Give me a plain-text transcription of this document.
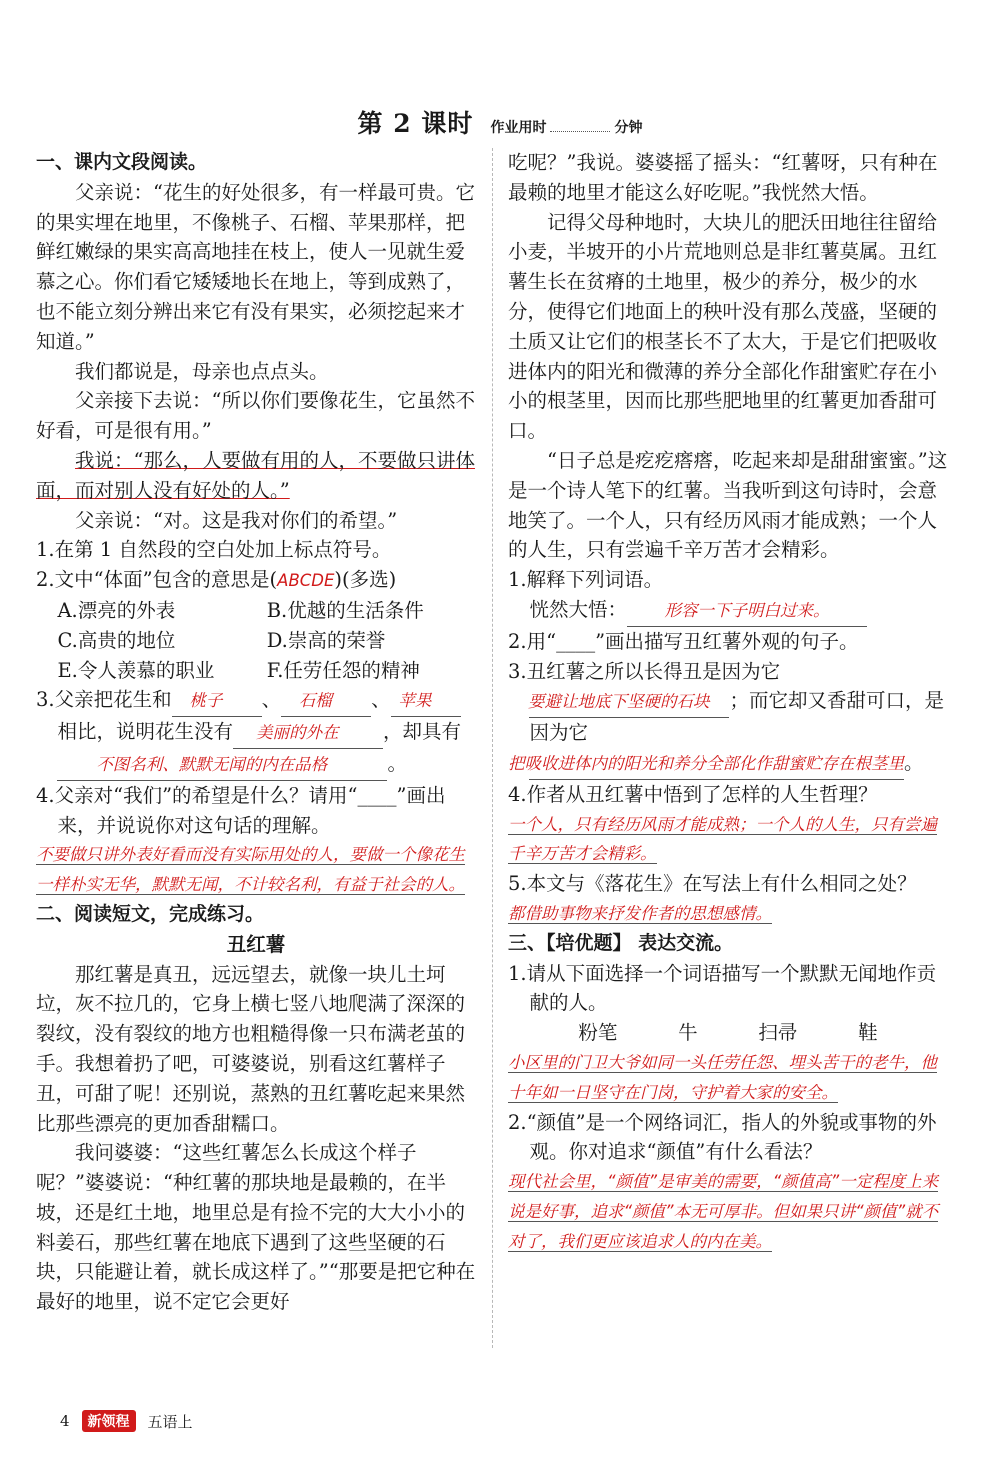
第 2 课时 作业用时	分钟

一、课内文段阅读。

父亲说：“花生的好处很多，有一样最可贵。它的果实埋在地里，不像桃子、石榴、苹果那样，把鲜红嫩绿的果实高高地挂在枝上，使人一见就生爱慕之心。你们看它矮矮地长在地上，等到成熟了，也不能立刻分辨出来它有没有果实，必须挖起来才知道。”

我们都说是，母亲也点点头。

父亲接下去说：“所以你们要像花生，它虽然不好看，可是很有用。”

我说：“那么，人要做有用的人，不要做只讲体面，而对别人没有好处的人。”

父亲说：“对。这是我对你们的希望。”

1.在第 1 自然段的空白处加上标点符号。

2.文中“体面”包含的意思是(ABCDE)(多选)

A.漂亮的外表	B.优越的生活条件
C.高贵的地位	D.崇高的荣誉
E.令人羡慕的职业	F.任劳任怨的精神

3.父亲把花生和 桃子 、 石榴 、 苹果相比，说明花生没有 美丽的外在 ，却具有不图名利、默默无闻的内在品格	。

4.父亲对“我们”的希望是什么？请用“____”画出来，并说说你对这句话的理解。

不要做只讲外表好看而没有实际用处的人，要做一个像花生一样朴实无华，默默无闻，不计较名利，有益于社会的人。

二、阅读短文，完成练习。

丑红薯

那红薯是真丑，远远望去，就像一块儿土坷垃，灰不拉几的，它身上横七竖八地爬满了深深的裂纹，没有裂纹的地方也粗糙得像一只布满老茧的手。我想着扔了吧，可婆婆说，别看这红薯样子丑，可甜了呢！还别说，蒸熟的丑红薯吃起来果然比那些漂亮的更加香甜糯口。

我问婆婆：“这些红薯怎么长成这个样子呢？”婆婆说：“种红薯的那块地是最赖的，在半坡，还是红土地，地里总是有捡不完的大大小小的料姜石，那些红薯在地底下遇到了这些坚硬的石块，只能避让着，就长成这样了。”“那要是把它种在最好的地里，说不定它会更好

吃呢？”我说。婆婆摇了摇头：“红薯呀，只有种在最赖的地里才能这么好吃呢。”我恍然大悟。

记得父母种地时，大块儿的肥沃田地往往留给小麦，半坡开的小片荒地则总是非红薯莫属。丑红薯生长在贫瘠的土地里，极少的养分，极少的水分，使得它们地面上的秧叶没有那么茂盛，坚硬的土质又让它们的根茎长不了太大，于是它们把吸收进体内的阳光和微薄的养分全部化作甜蜜贮存在小小的根茎里，因而比那些肥地里的红薯更加香甜可口。

“日子总是疙疙瘩瘩，吃起来却是甜甜蜜蜜。”这是一个诗人笔下的红薯。当我听到这句诗时，会意地笑了。一个人，只有经历风雨才能成熟；一个人的人生，只有尝遍千辛万苦才会精彩。

1.解释下列词语。

恍然大悟： 形容一下子明白过来。

2.用“____”画出描写丑红薯外观的句子。

3.丑红薯之所以长得丑是因为它要避让地底下坚硬的石块 ；而它却又香甜可口，是因为它把吸收进体内的阳光和养分全部化作甜蜜贮存在根茎里。

4.作者从丑红薯中悟到了怎样的人生哲理？

一个人，只有经历风雨才能成熟；一个人的人生，只有尝遍千辛万苦才会精彩。

5.本文与《落花生》在写法上有什么相同之处？

都借助事物来抒发作者的思想感情。

三、【培优题】 表达交流。

1.请从下面选择一个词语描写一个默默无闻地作贡献的人。

粉笔	牛	扫帚	鞋

小区里的门卫大爷如同一头任劳任怨、埋头苦干的老牛，他十年如一日坚守在门岗，守护着大家的安全。

2.“颜值”是一个网络词汇，指人的外貌或事物的外观。你对追求“颜值”有什么看法？

现代社会里，“颜值”是审美的需要，“颜值高”一定程度上来说是好事，追求“颜值”本无可厚非。但如果只讲“颜值”就不对了，我们更应该追求人的内在美。

4	新领程	五语上
